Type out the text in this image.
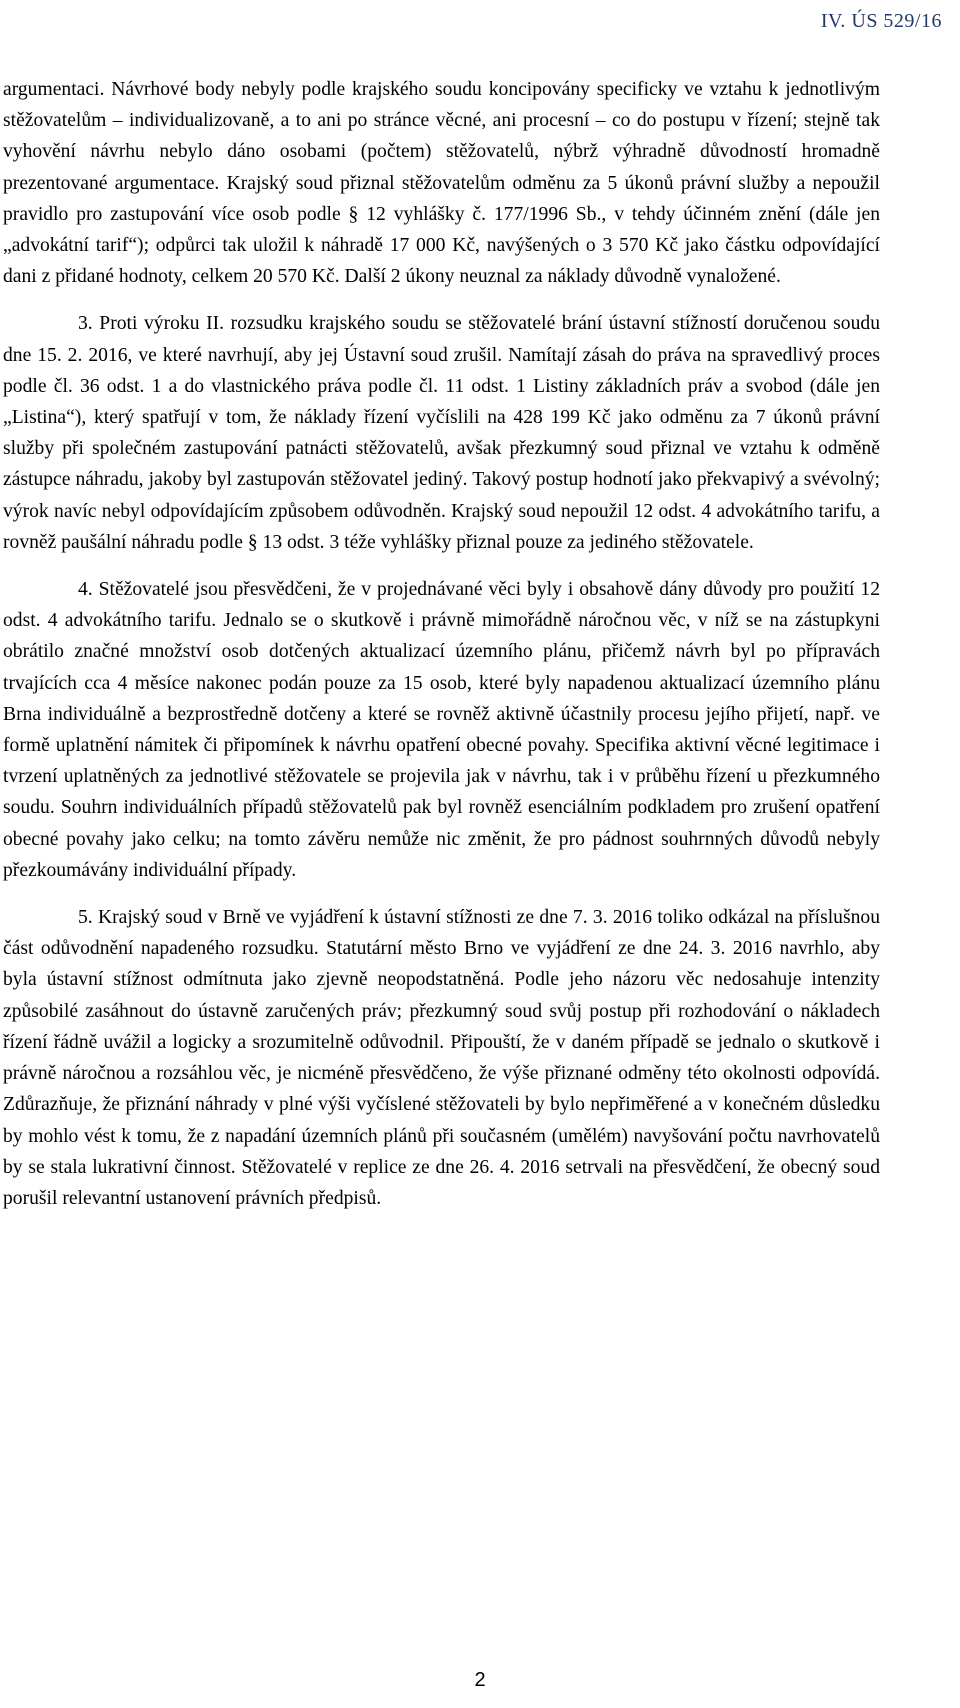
IV. ÚS 529/16

argumentaci. Návrhové body nebyly podle krajského soudu koncipovány specificky ve vztahu k jednotlivým stěžovatelům – individualizovaně, a to ani po stránce věcné, ani procesní – co do postupu v řízení; stejně tak vyhovění návrhu nebylo dáno osobami (počtem) stěžovatelů, nýbrž výhradně důvodností hromadně prezentované argumentace. Krajský soud přiznal stěžovatelům odměnu za 5 úkonů právní služby a nepoužil pravidlo pro zastupování více osob podle § 12 vyhlášky č. 177/1996 Sb., v tehdy účinném znění (dále jen „advokátní tarif“); odpůrci tak uložil k náhradě 17 000 Kč, navýšených o 3 570 Kč jako částku odpovídající dani z přidané hodnoty, celkem 20 570 Kč. Další 2 úkony neuznal za náklady důvodně vynaložené.

3. Proti výroku II. rozsudku krajského soudu se stěžovatelé brání ústavní stížností doručenou soudu dne 15. 2. 2016, ve které navrhují, aby jej Ústavní soud zrušil. Namítají zásah do práva na spravedlivý proces podle čl. 36 odst. 1 a do vlastnického práva podle čl. 11 odst. 1 Listiny základních práv a svobod (dále jen „Listina“), který spatřují v tom, že náklady řízení vyčíslili na 428 199 Kč jako odměnu za 7 úkonů právní služby při společném zastupování patnácti stěžovatelů, avšak přezkumný soud přiznal ve vztahu k odměně zástupce náhradu, jakoby byl zastupován stěžovatel jediný. Takový postup hodnotí jako překvapivý a svévolný; výrok navíc nebyl odpovídajícím způsobem odůvodněn. Krajský soud nepoužil 12 odst. 4 advokátního tarifu, a rovněž paušální náhradu podle § 13 odst. 3 téže vyhlášky přiznal pouze za jediného stěžovatele.

4. Stěžovatelé jsou přesvědčeni, že v projednávané věci byly i obsahově dány důvody pro použití 12 odst. 4 advokátního tarifu. Jednalo se o skutkově i právně mimořádně náročnou věc, v níž se na zástupkyni obrátilo značné množství osob dotčených aktualizací územního plánu, přičemž návrh byl po přípravách trvajících cca 4 měsíce nakonec podán pouze za 15 osob, které byly napadenou aktualizací územního plánu Brna individuálně a bezprostředně dotčeny a které se rovněž aktivně účastnily procesu jejího přijetí, např. ve formě uplatnění námitek či připomínek k návrhu opatření obecné povahy. Specifika aktivní věcné legitimace i tvrzení uplatněných za jednotlivé stěžovatele se projevila jak v návrhu, tak i v průběhu řízení u přezkumného soudu. Souhrn individuálních případů stěžovatelů pak byl rovněž esenciálním podkladem pro zrušení opatření obecné povahy jako celku; na tomto závěru nemůže nic změnit, že pro pádnost souhrnných důvodů nebyly přezkoumávány individuální případy.

5. Krajský soud v Brně ve vyjádření k ústavní stížnosti ze dne 7. 3. 2016 toliko odkázal na příslušnou část odůvodnění napadeného rozsudku. Statutární město Brno ve vyjádření ze dne 24. 3. 2016 navrhlo, aby byla ústavní stížnost odmítnuta jako zjevně neopodstatněná. Podle jeho názoru věc nedosahuje intenzity způsobilé zasáhnout do ústavně zaručených práv; přezkumný soud svůj postup při rozhodování o nákladech řízení řádně uvážil a logicky a srozumitelně odůvodnil. Připouští, že v daném případě se jednalo o skutkově i právně náročnou a rozsáhlou věc, je nicméně přesvědčeno, že výše přiznané odměny této okolnosti odpovídá. Zdůrazňuje, že přiznání náhrady v plné výši vyčíslené stěžovateli by bylo nepřiměřené a v konečném důsledku by mohlo vést k tomu, že z napadání územních plánů při současném (umělém) navyšování počtu navrhovatelů by se stala lukrativní činnost. Stěžovatelé v replice ze dne 26. 4. 2016 setrvali na přesvědčení, že obecný soud porušil relevantní ustanovení právních předpisů.

2
